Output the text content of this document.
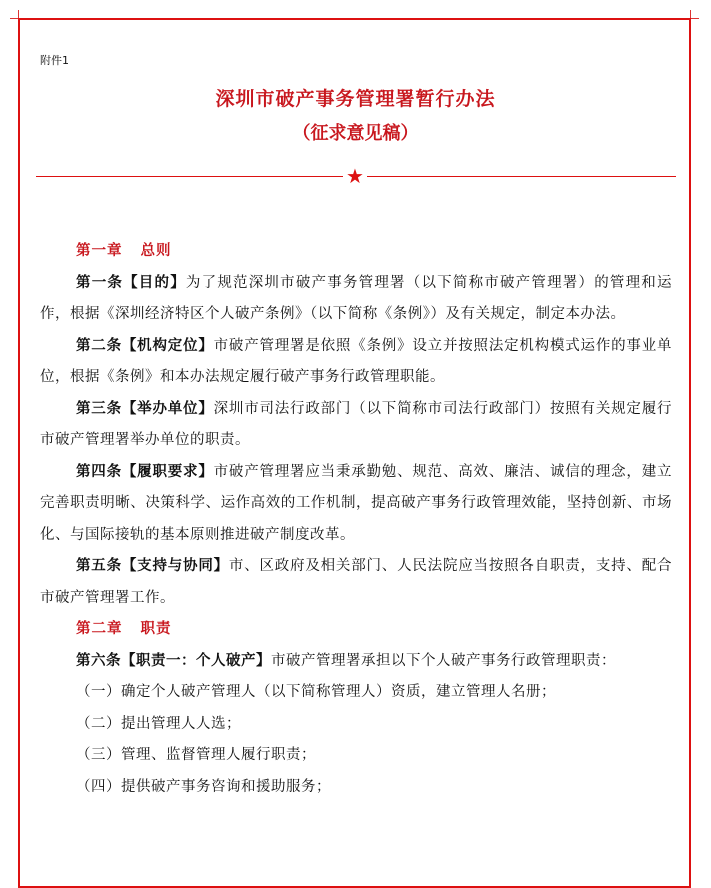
附件1
深圳市破产事务管理署暂行办法
（征求意见稿）
★

第一章 总则

第一条【目的】为了规范深圳市破产事务管理署（以下简称市破产管理署）的管理和运作，根据《深圳经济特区个人破产条例》（以下简称《条例》）及有关规定，制定本办法。

第二条【机构定位】市破产管理署是依照《条例》设立并按照法定机构模式运作的事业单位，根据《条例》和本办法规定履行破产事务行政管理职能。

第三条【举办单位】深圳市司法行政部门（以下简称市司法行政部门）按照有关规定履行市破产管理署举办单位的职责。

第四条【履职要求】市破产管理署应当秉承勤勉、规范、高效、廉洁、诚信的理念，建立完善职责明晰、决策科学、运作高效的工作机制，提高破产事务行政管理效能，坚持创新、市场化、与国际接轨的基本原则推进破产制度改革。

第五条【支持与协同】市、区政府及相关部门、人民法院应当按照各自职责，支持、配合市破产管理署工作。

第二章 职责

第六条【职责一：个人破产】市破产管理署承担以下个人破产事务行政管理职责：

（一）确定个人破产管理人（以下简称管理人）资质，建立管理人名册；

（二）提出管理人人选；

（三）管理、监督管理人履行职责；

（四）提供破产事务咨询和援助服务；
